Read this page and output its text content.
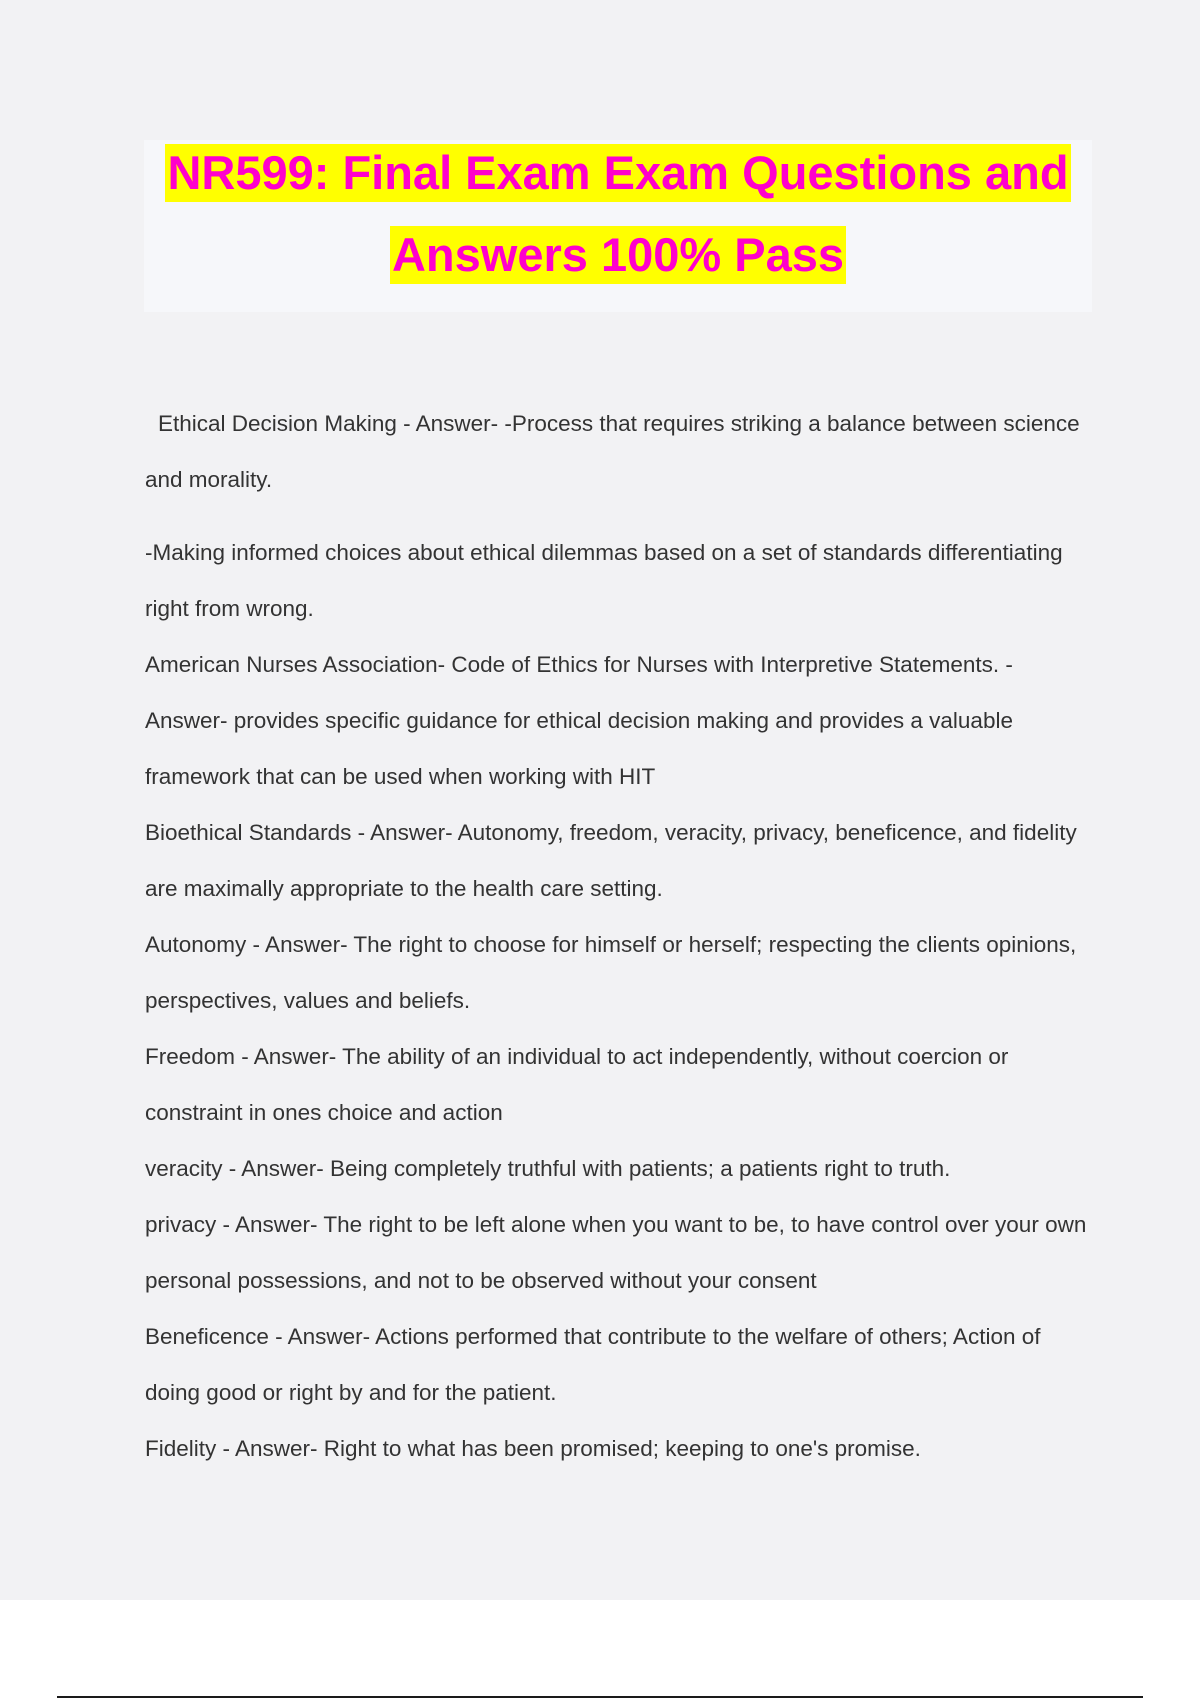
NR599: Final Exam Exam Questions and
Answers 100% Pass

Ethical Decision Making - Answer- -Process that requires striking a balance between science and morality.

-Making informed choices about ethical dilemmas based on a set of standards differentiating right from wrong.

American Nurses Association- Code of Ethics for Nurses with Interpretive Statements. -Answer- provides specific guidance for ethical decision making and provides a valuable framework that can be used when working with HIT

Bioethical Standards - Answer- Autonomy, freedom, veracity, privacy, beneficence, and fidelity are maximally appropriate to the health care setting.

Autonomy - Answer- The right to choose for himself or herself; respecting the clients opinions, perspectives, values and beliefs.

Freedom - Answer- The ability of an individual to act independently, without coercion or constraint in ones choice and action

veracity - Answer- Being completely truthful with patients; a patients right to truth.

privacy - Answer- The right to be left alone when you want to be, to have control over your own personal possessions, and not to be observed without your consent

Beneficence - Answer- Actions performed that contribute to the welfare of others; Action of doing good or right by and for the patient.

Fidelity - Answer- Right to what has been promised; keeping to one's promise.
